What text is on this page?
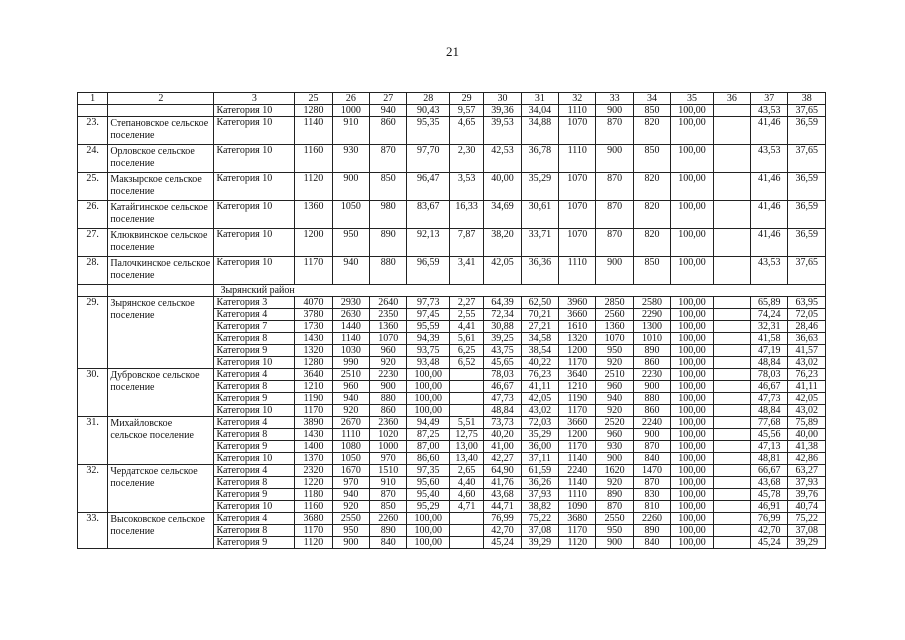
21
1	2	3	25	26	27	28	29	30	31	32	33	34	35	36	37	38
		Категория 10	1280	1000	940	90,43	9,57	39,36	34,04	1110	900	850	100,00		43,53	37,65
23.	Степановское сельское поселение	Категория 10	1140	910	860	95,35	4,65	39,53	34,88	1070	870	820	100,00		41,46	36,59
24.	Орловское сельское поселение	Категория 10	1160	930	870	97,70	2,30	42,53	36,78	1110	900	850	100,00		43,53	37,65
25.	Макзырское сельское поселение	Категория 10	1120	900	850	96,47	3,53	40,00	35,29	1070	870	820	100,00		41,46	36,59
26.	Катайгинское сельское поселение	Категория 10	1360	1050	980	83,67	16,33	34,69	30,61	1070	870	820	100,00		41,46	36,59
27.	Клюквинское сельское поселение	Категория 10	1200	950	890	92,13	7,87	38,20	33,71	1070	870	820	100,00		41,46	36,59
28.	Палочкинское сельское поселение	Категория 10	1170	940	880	96,59	3,41	42,05	36,36	1110	900	850	100,00		43,53	37,65
		Зырянский район														
29.	Зырянское сельское поселение	Категория 3	4070	2930	2640	97,73	2,27	64,39	62,50	3960	2850	2580	100,00		65,89	63,95
		Категория 4	3780	2630	2350	97,45	2,55	72,34	70,21	3660	2560	2290	100,00		74,24	72,05
		Категория 7	1730	1440	1360	95,59	4,41	30,88	27,21	1610	1360	1300	100,00		32,31	28,46
		Категория 8	1430	1140	1070	94,39	5,61	39,25	34,58	1320	1070	1010	100,00		41,58	36,63
		Категория 9	1320	1030	960	93,75	6,25	43,75	38,54	1200	950	890	100,00		47,19	41,57
		Категория 10	1280	990	920	93,48	6,52	45,65	40,22	1170	920	860	100,00		48,84	43,02
30.	Дубровское сельское поселение	Категория 4	3640	2510	2230	100,00		78,03	76,23	3640	2510	2230	100,00		78,03	76,23
		Категория 8	1210	960	900	100,00		46,67	41,11	1210	960	900	100,00		46,67	41,11
		Категория 9	1190	940	880	100,00		47,73	42,05	1190	940	880	100,00		47,73	42,05
		Категория 10	1170	920	860	100,00		48,84	43,02	1170	920	860	100,00		48,84	43,02
31.	Михайловское сельское поселение	Категория 4	3890	2670	2360	94,49	5,51	73,73	72,03	3660	2520	2240	100,00		77,68	75,89
		Категория 8	1430	1110	1020	87,25	12,75	40,20	35,29	1200	960	900	100,00		45,56	40,00
		Категория 9	1400	1080	1000	87,00	13,00	41,00	36,00	1170	930	870	100,00		47,13	41,38
		Категория 10	1370	1050	970	86,60	13,40	42,27	37,11	1140	900	840	100,00		48,81	42,86
32.	Чердатское сельское поселение	Категория 4	2320	1670	1510	97,35	2,65	64,90	61,59	2240	1620	1470	100,00		66,67	63,27
		Категория 8	1220	970	910	95,60	4,40	41,76	36,26	1140	920	870	100,00		43,68	37,93
		Категория 9	1180	940	870	95,40	4,60	43,68	37,93	1110	890	830	100,00		45,78	39,76
		Категория 10	1160	920	850	95,29	4,71	44,71	38,82	1090	870	810	100,00		46,91	40,74
33.	Высоковское сельское поселение	Категория 4	3680	2550	2260	100,00		76,99	75,22	3680	2550	2260	100,00		76,99	75,22
		Категория 8	1170	950	890	100,00		42,70	37,08	1170	950	890	100,00		42,70	37,08
		Категория 9	1120	900	840	100,00		45,24	39,29	1120	900	840	100,00		45,24	39,29
